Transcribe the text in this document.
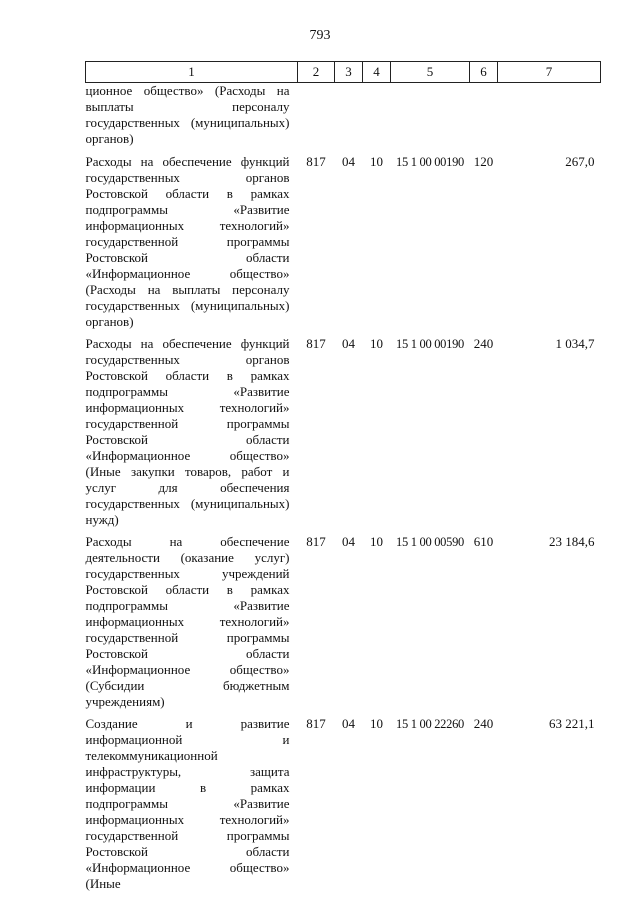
793
1	2	3	4	5	6	7
ционное общество» (Расходы на выплаты персоналу государственных (муниципальных) органов)						
Расходы на обеспечение функций государственных органов Ростовской области в рамках подпрограммы «Развитие информационных технологий» государственной программы Ростовской области «Информационное общество» (Расходы на выплаты персоналу государственных (муниципальных) органов)	817	04	10	15 1 00 00190	120	267,0
Расходы на обеспечение функций государственных органов Ростовской области в рамках подпрограммы «Развитие информационных технологий» государственной программы Ростовской области «Информационное общество» (Иные закупки товаров, работ и услуг для обеспечения государственных (муниципальных) нужд)	817	04	10	15 1 00 00190	240	1 034,7
Расходы на обеспечение деятельности (оказание услуг) государственных учреждений Ростовской области в рамках подпрограммы «Развитие информационных технологий» государственной программы Ростовской области «Информационное общество» (Субсидии бюджетным учреждениям)	817	04	10	15 1 00 00590	610	23 184,6
Создание и развитие информационной и телекоммуникационной инфраструктуры, защита информации в рамках подпрограммы «Развитие информационных технологий» государственной программы Ростовской области «Информационное общество» (Иные	817	04	10	15 1 00 22260	240	63 221,1
